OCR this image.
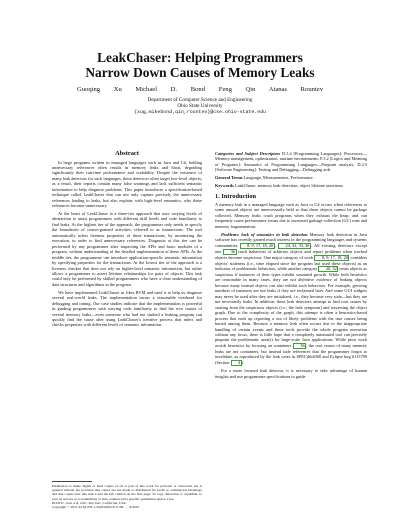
LeakChaser: Helping Programmers
Narrow Down Causes of Memory Leaks
Guoqing Xu Michael D. Bond Feng Qin Atanas Rountev
Department of Computer Science and Engineering
Ohio State University
{xug,mikebond,qin,rountev}@cse.ohio-state.edu
Abstract

In large programs written in managed languages such as Java and C#, holding unnecessary references often results in memory leaks and bloat, degrading significantly their run-time performance and scalability. Despite the existence of many leak detectors for such languages, these detectors often target low-level objects; as a result, their reports contain many false warnings and lack sufficient semantic information to help diagnose problems. This paper introduces a specification-based technique called LeakChaser that can not only capture precisely the unnecessary references leading to leaks, but also explain, with high-level semantics, why these references become unnecessary.

At the heart of LeakChaser is a three-tier approach that uses varying levels of abstraction to assist programmers with different skill levels and code familiarity to find leaks. At the highest tier of the approach, the programmer only needs to specify the boundaries of coarse-grained activities, referred to as transactions. The tool automatically infers liveness properties of these transactions, by monitoring the execution, in order to find unnecessary references. Diagnosis at this tier can be performed by any programmer after inspecting the APIs and basic modules of a program, without understanding of the detailed implementation of these APIs. At the middle tier, the programmer can introduce application-specific semantic information by specifying properties for the transactions. At the lowest tier of the approach is a liveness checker that does not rely on higher-level semantic information, but rather allows a programmer to assert lifetime relationships for pairs of objects. This task could only be performed by skilled programmers who have a clear understanding of data structures and algorithms in the program.

We have implemented LeakChaser in Jikes RVM and used it to help us diagnose several real-world leaks. The implementation incurs a reasonable overhead for debugging and tuning. Our case studies indicate that the implementation is powerful in guiding programmers with varying code familiarity to find the root causes of several memory leaks—even someone who had not studied a leaking program can quickly find the cause after using LeakChaser's iterative process that infers and checks properties with different levels of semantic information.

Categories and Subject Descriptors D.3.4 [Programming Languages]: Processors—Memory management, optimization, runtime environments; F.3.2 [Logics and Meaning of Programs]: Semantics of Programming Languages—Program analysis; D.2.5 [Software Engineering]: Testing and Debugging—Debugging aids

General Terms Language, Measurements, Performance

Keywords LeakChaser, memory leak detection, object lifetime assertions

1. Introduction

A memory leak in a managed language such as Java or C# occurs when references to some unused objects are unnecessarily held so that these objects cannot be garbage collected. Memory leaks crash programs when they exhaust the heap, and can frequently cause performance issues due to increased garbage collection (GC) runs and memory fragmentation.

Problems: lack of semantics in leak detection Memory leak detection in Java software has recently gained much interest in the programming languages and systems communities 8, 9, 17, 18, 20 , 24, 32, 33, 36 . All existing detectors except one 36 track behaviors of arbitrary objects and report problems when tracked objects become suspicious. One major category of work 8, 9, 17, 18, 20 considers objects' staleness (i.e., time elapsed since the program last used these objects) as an indicator of problematic behaviors, while another category 20, 32 treats objects as suspicious if instances of their types exhibit sustained growth. While both heuristics are reasonable in many cases, they are not definitive evidence of leaking objects because many normal objects can also exhibit such behaviors. For example, growing numbers of instances are not leaks if they are reclaimed later. And some GUI widgets may never be used after they are initialized, i.e., they become very stale—but they are not necessarily leaks. In addition, these leak detectors attempt to find root causes by starting from the suspicious objects (i.e., the leak symptom) and traversing the object graph. Due to the complexity of the graph, this attempt is often a heuristics-based process that ends up reporting a sea of likely problems with the true causes being buried among them. Because a memory leak often occurs due to the inappropriate handling of certain events and these tools provide the whole program execution without any focus, there is little hope that a completely automated tool can precisely pinpoint the problematic area(s) for large-scale Java applications. While prior work avoids heuristics by focusing on containers 36 , the root causes of many memory leaks are not containers, but instead stale references that the programmer forgot to invalidate, as reproduced by the leak cases in SPECjbb2000 and Eclipse bug #115789 (Section 4 ).

For a more focused leak detector, it is necessary to take advantage of human insights and use programmer specifications to guide

Permission to make digital or hard copies of all or part of this work for personal or classroom use is granted without fee provided that copies are not made or distributed for profit or commercial advantage and that copies bear this notice and the full citation on the first page. To copy otherwise, to republish, to post on servers or to redistribute to lists, requires prior specific permission and/or a fee.
PLDI'11, June 4–8, 2011, San Jose, California, USA.
Copyright © 2011 ACM 978-1-4503-0663-8/11/06 . . . $10.00
